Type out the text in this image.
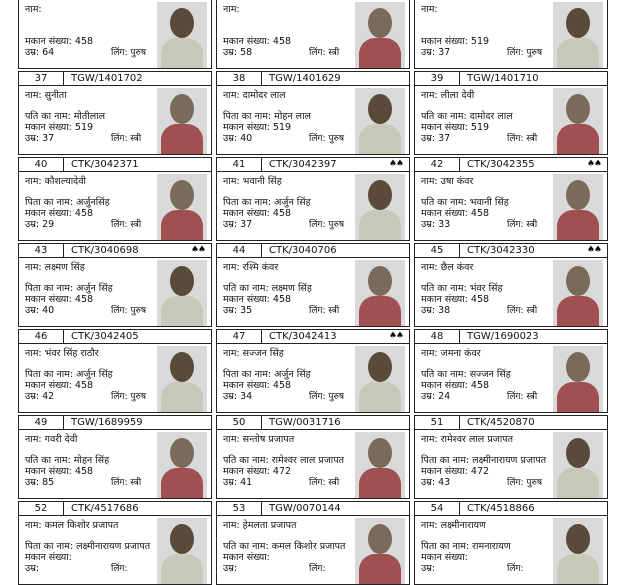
नाम:
मकान संख्या: 458
उम्र: 64	लिंग: पुरुष
नाम:
मकान संख्या: 458
उम्र: 58	लिंग: स्त्री
नाम:
मकान संख्या: 519
उम्र: 37	लिंग: पुरुष
37	TGW/1401702
नाम: सुनीता
पति का नाम: मोतीलाल
मकान संख्या: 519
उम्र: 37	लिंग: स्त्री
38	TGW/1401629
नाम: दामोदर लाल
पिता का नाम: मोहन लाल
मकान संख्या: 519
उम्र: 40	लिंग: पुरुष
39	TGW/1401710
नाम: लीला देवी
पति का नाम: दामोदर लाल
मकान संख्या: 519
उम्र: 37	लिंग: स्त्री
40	CTK/3042371
नाम: कौशल्यादेवी
पिता का नाम: अर्जुनसिंह
मकान संख्या: 458
उम्र: 29	लिंग: स्त्री
41	CTK/3042397	♠♠
नाम: भवानी सिंह
पिता का नाम: अर्जुन सिंह
मकान संख्या: 458
उम्र: 37	लिंग: पुरुष
42	CTK/3042355	♠♠
नाम: उषा कंवर
पति का नाम: भवानी सिंह
मकान संख्या: 458
उम्र: 33	लिंग: स्त्री
43	CTK/3040698	♠♠
नाम: लक्ष्मण सिंह
पिता का नाम: अर्जुन सिंह
मकान संख्या: 458
उम्र: 40	लिंग: पुरुष
44	CTK/3040706
नाम: रश्मि कंवर
पति का नाम: लक्ष्मण सिंह
मकान संख्या: 458
उम्र: 35	लिंग: स्त्री
45	CTK/3042330	♠♠
नाम: छैल कंवर
पति का नाम: भंवर सिंह
मकान संख्या: 458
उम्र: 38	लिंग: स्त्री
46	CTK/3042405
नाम: भंवर सिंह राठौर
पिता का नाम: अर्जुन सिंह
मकान संख्या: 458
उम्र: 42	लिंग: पुरुष
47	CTK/3042413	♠♠
नाम: सज्जन सिंह
पिता का नाम: अर्जुन सिंह
मकान संख्या: 458
उम्र: 34	लिंग: पुरुष
48	TGW/1690023
नाम: जमना कंवर
पति का नाम: सज्जन सिंह
मकान संख्या: 458
उम्र: 24	लिंग: स्त्री
49	TGW/1689959
नाम: गवरी देवी
पति का नाम: मोहन सिंह
मकान संख्या: 458
उम्र: 85	लिंग: स्त्री
50	TGW/0031716
नाम: सन्तोष प्रजापत
पति का नाम: रामेश्वर लाल प्रजापत
मकान संख्या: 472
उम्र: 41	लिंग: स्त्री
51	CTK/4520870
नाम: रामेश्वर लाल प्रजापत
पिता का नाम: लक्ष्मीनारायण प्रजापत
मकान संख्या: 472
उम्र: 43	लिंग: पुरुष
52	CTK/4517686
नाम: कमल किशोर प्रजापत
पिता का नाम: लक्ष्मीनारायण प्रजापत
मकान संख्या:
उम्र:	लिंग:
53	TGW/0070144
नाम: हेमलता प्रजापत
पति का नाम: कमल किशोर प्रजापत
मकान संख्या:
उम्र:	लिंग:
54	CTK/4518866
नाम: लक्ष्मीनारायण
पिता का नाम: रामनारायण
मकान संख्या:
उम्र:	लिंग:
